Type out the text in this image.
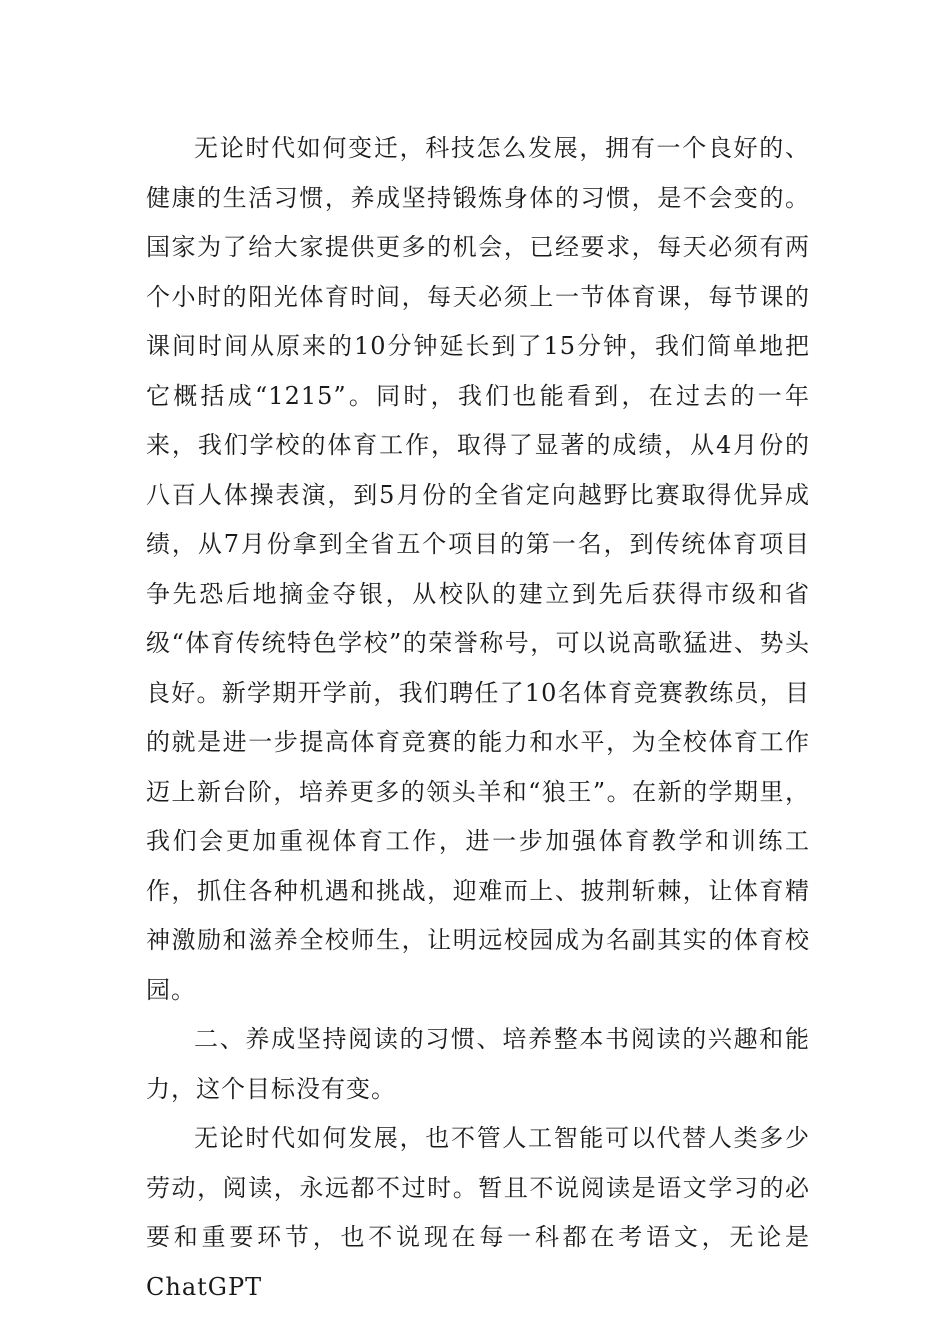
无论时代如何变迁，科技怎么发展，拥有一个良好的、健康的生活习惯，养成坚持锻炼身体的习惯，是不会变的。国家为了给大家提供更多的机会，已经要求，每天必须有两个小时的阳光体育时间，每天必须上一节体育课，每节课的课间时间从原来的10分钟延长到了15分钟，我们简单地把它概括成“1215”。同时，我们也能看到，在过去的一年来，我们学校的体育工作，取得了显著的成绩，从4月份的八百人体操表演，到5月份的全省定向越野比赛取得优异成绩，从7月份拿到全省五个项目的第一名，到传统体育项目争先恐后地摘金夺银，从校队的建立到先后获得市级和省级“体育传统特色学校”的荣誉称号，可以说高歌猛进、势头良好。新学期开学前，我们聘任了10名体育竞赛教练员，目的就是进一步提高体育竞赛的能力和水平，为全校体育工作迈上新台阶，培养更多的领头羊和“狼王”。在新的学期里，我们会更加重视体育工作，进一步加强体育教学和训练工作，抓住各种机遇和挑战，迎难而上、披荆斩棘，让体育精神激励和滋养全校师生，让明远校园成为名副其实的体育校园。

二、养成坚持阅读的习惯、培养整本书阅读的兴趣和能力，这个目标没有变。

无论时代如何发展，也不管人工智能可以代替人类多少劳动，阅读，永远都不过时。暂且不说阅读是语文学习的必要和重要环节，也不说现在每一科都在考语文，无论是ChatGPT
